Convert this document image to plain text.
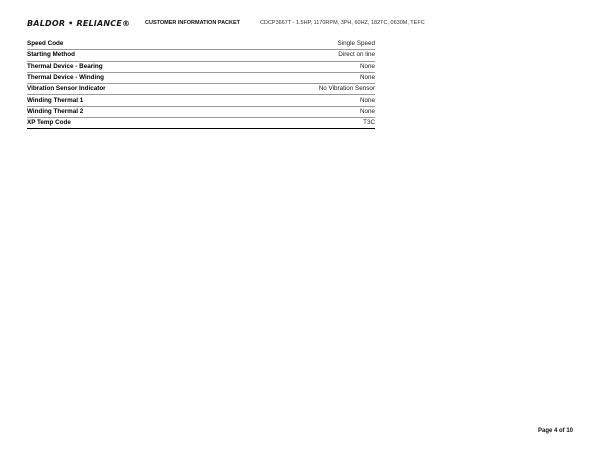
BALDOR • RELIANCE®	CUSTOMER INFORMATION PACKET	CDCP3667T - 1.5HP, 1170RPM, 3PH, 60HZ, 182TC, 0630M, TEFC
Speed Code	Single Speed
Starting Method	Direct on line
Thermal Device - Bearing	None
Thermal Device - Winding	None
Vibration Sensor Indicator	No Vibration Sensor
Winding Thermal 1	None
Winding Thermal 2	None
XP Temp Code	T3C
Page 4 of 10
